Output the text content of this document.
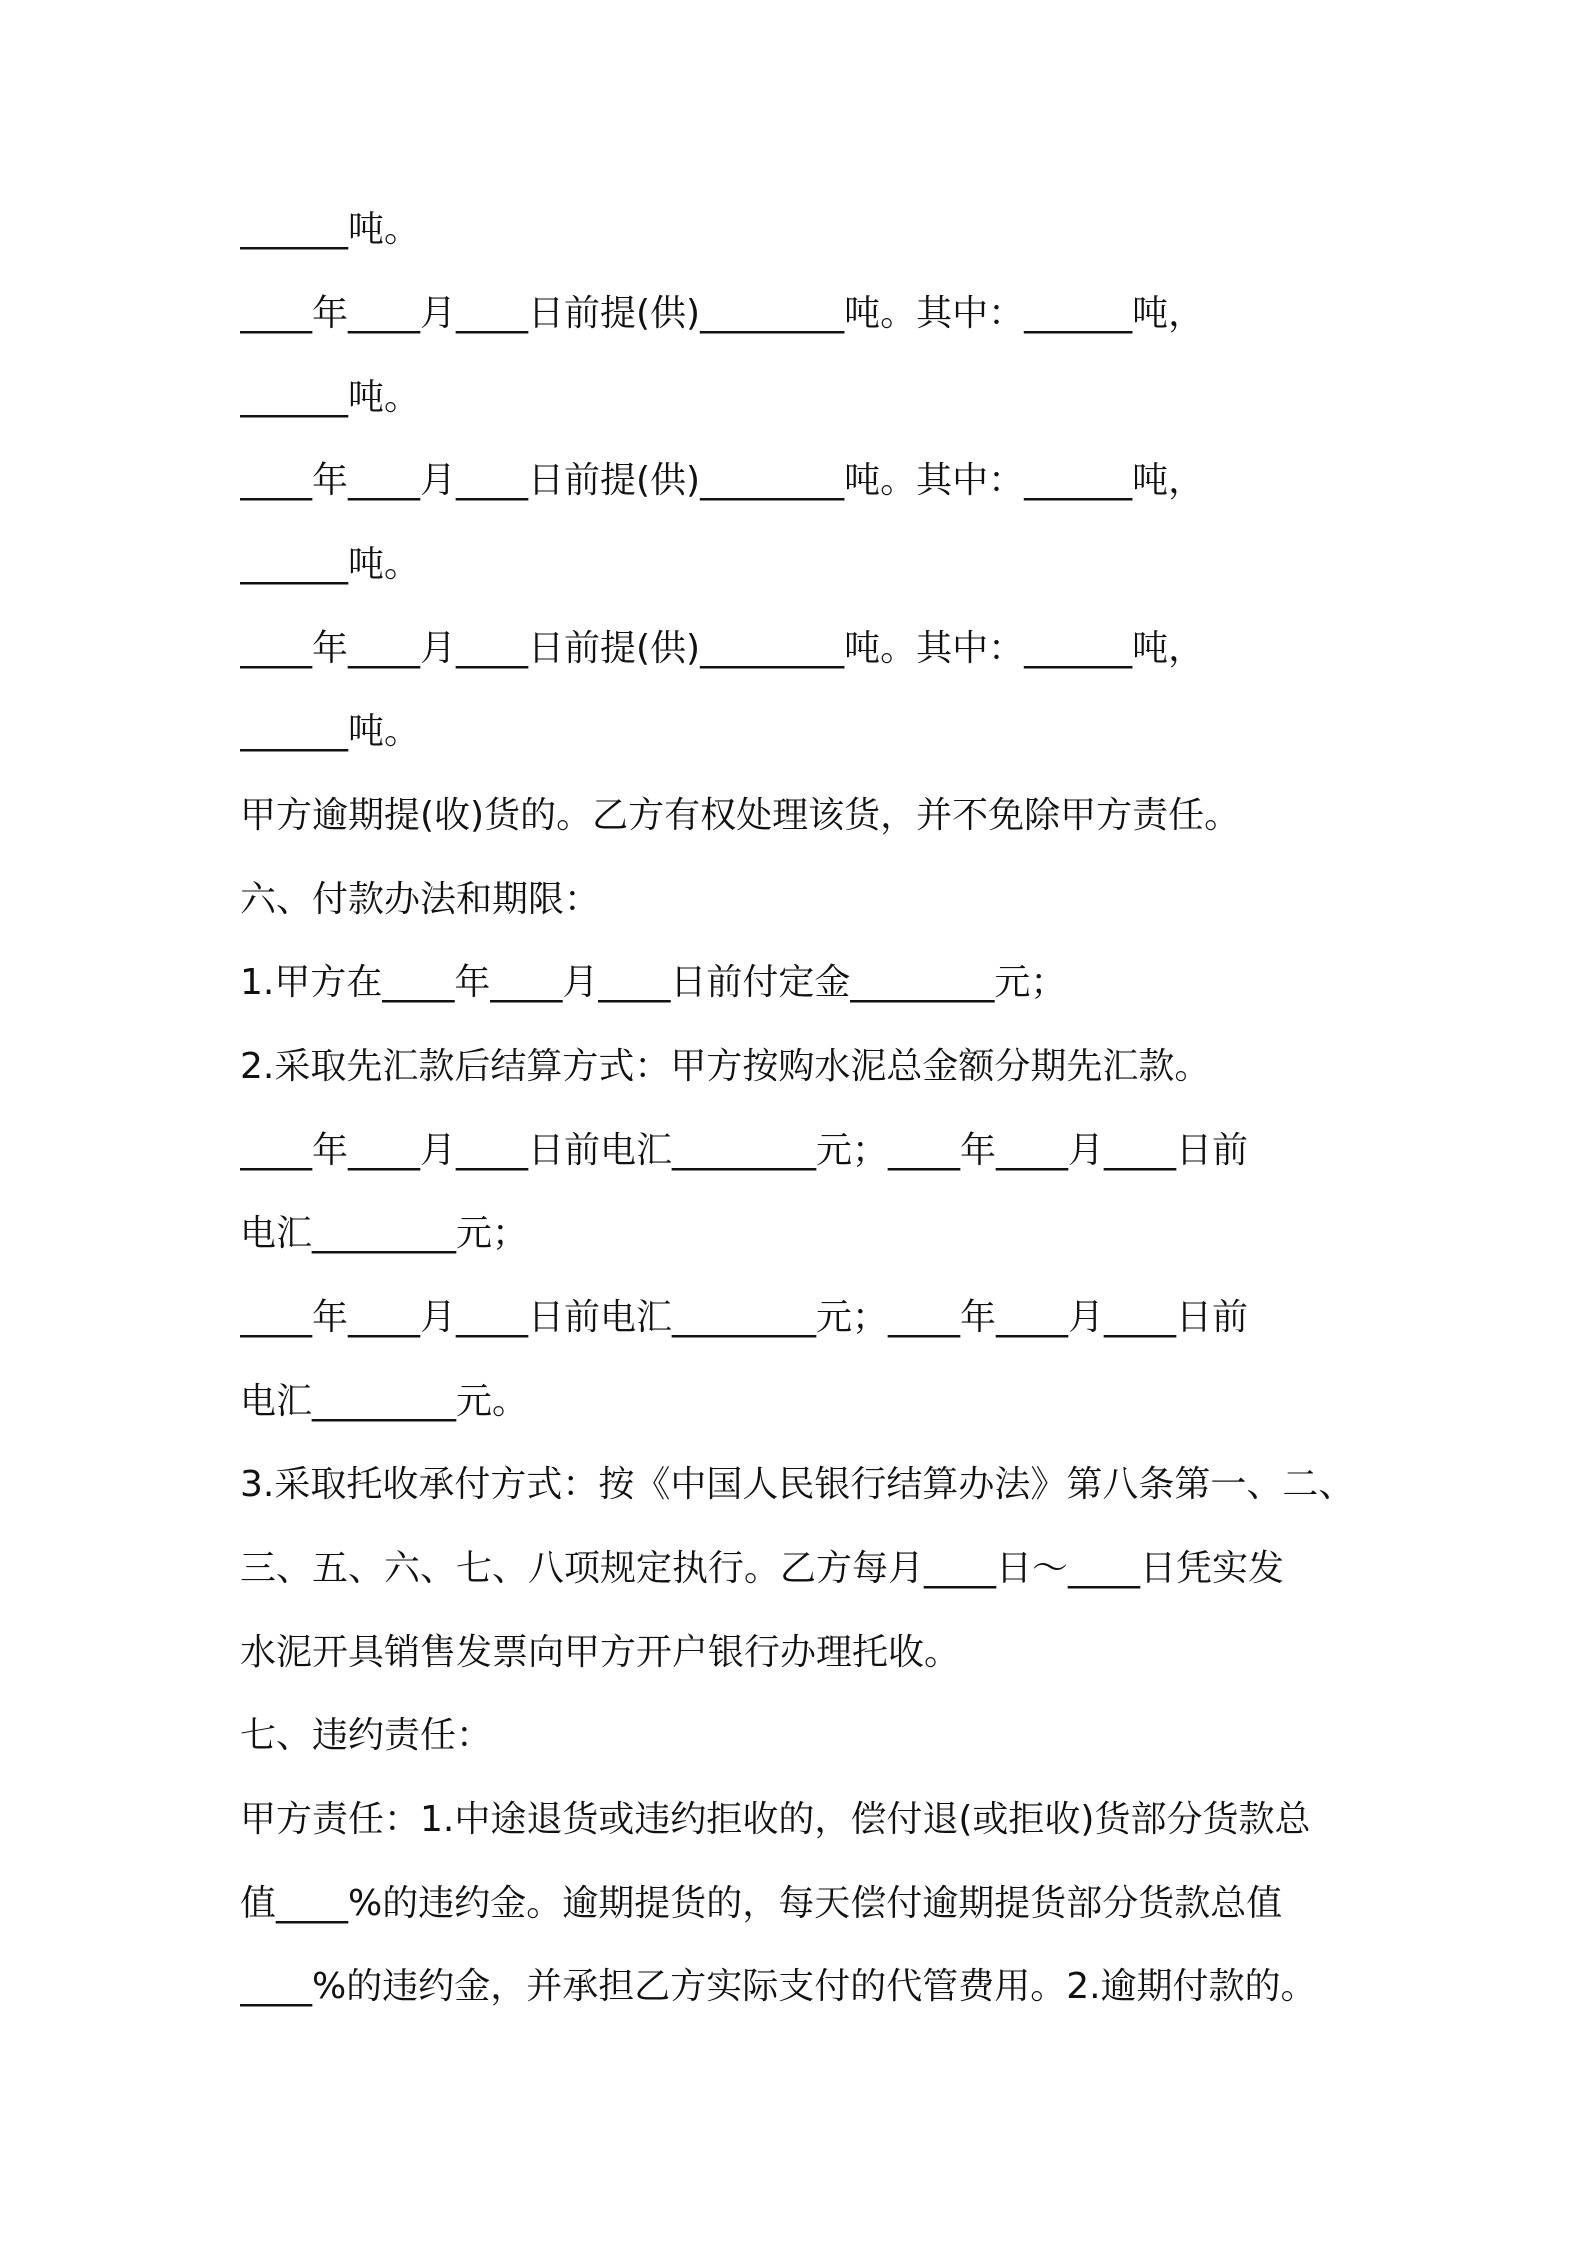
______吨。
____年____月____日前提(供)________吨。其中：______吨，
______吨。
____年____月____日前提(供)________吨。其中：______吨，
______吨。
____年____月____日前提(供)________吨。其中：______吨，
______吨。
甲方逾期提(收)货的。乙方有权处理该货，并不免除甲方责任。
六、付款办法和期限：
1.甲方在____年____月____日前付定金________元；
2.采取先汇款后结算方式：甲方按购水泥总金额分期先汇款。
____年____月____日前电汇________元；____年____月____日前
电汇________元；
____年____月____日前电汇________元；____年____月____日前
电汇________元。
3.采取托收承付方式：按《中国人民银行结算办法》第八条第一、二、
三、五、六、七、八项规定执行。乙方每月____日～____日凭实发
水泥开具销售发票向甲方开户银行办理托收。
七、违约责任：
甲方责任：1.中途退货或违约拒收的，偿付退(或拒收)货部分货款总
值____%的违约金。逾期提货的，每天偿付逾期提货部分货款总值
____%的违约金，并承担乙方实际支付的代管费用。2.逾期付款的。
